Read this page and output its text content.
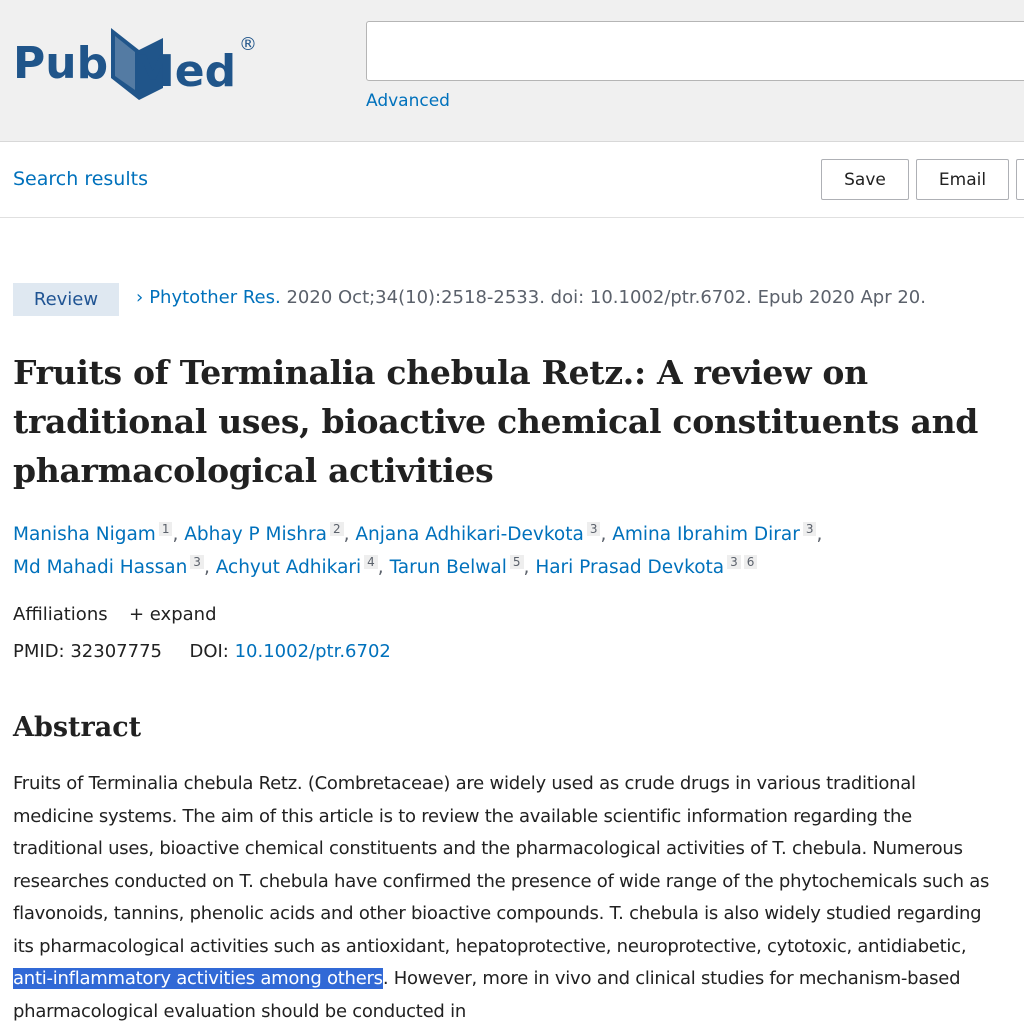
Pub Med
®
Advanced
Search results	Save	Email
Review	› Phytother Res. 2020 Oct;34(10):2518-2533. doi: 10.1002/ptr.6702. Epub 2020 Apr 20.
Fruits of Terminalia chebula Retz.: A review on traditional uses, bioactive chemical constituents and pharmacological activities
Manisha Nigam $^1$ , Abhay P Mishra $^2$ , Anjana Adhikari-Devkota $^3$ , Amina Ibrahim Dirar $^3$ ,
Md Mahadi Hassan $^3$ , Achyut Adhikari $^4$ , Tarun Belwal $^5$ , Hari Prasad Devkota $^3$ $^6$
Affiliations + expand
PMID: 32307775 DOI: 10.1002/ptr.6702
Abstract

Fruits of Terminalia chebula Retz. (Combretaceae) are widely used as crude drugs in various traditional medicine systems. The aim of this article is to review the available scientific information regarding the traditional uses, bioactive chemical constituents and the pharmacological activities of T. chebula. Numerous researches conducted on T. chebula have confirmed the presence of wide range of the phytochemicals such as flavonoids, tannins, phenolic acids and other bioactive compounds. T. chebula is also widely studied regarding its pharmacological activities such as antioxidant, hepatoprotective, neuroprotective, cytotoxic, antidiabetic, anti-inflammatory activities among others. However, more in vivo and clinical studies for mechanism-based pharmacological evaluation should be conducted in
